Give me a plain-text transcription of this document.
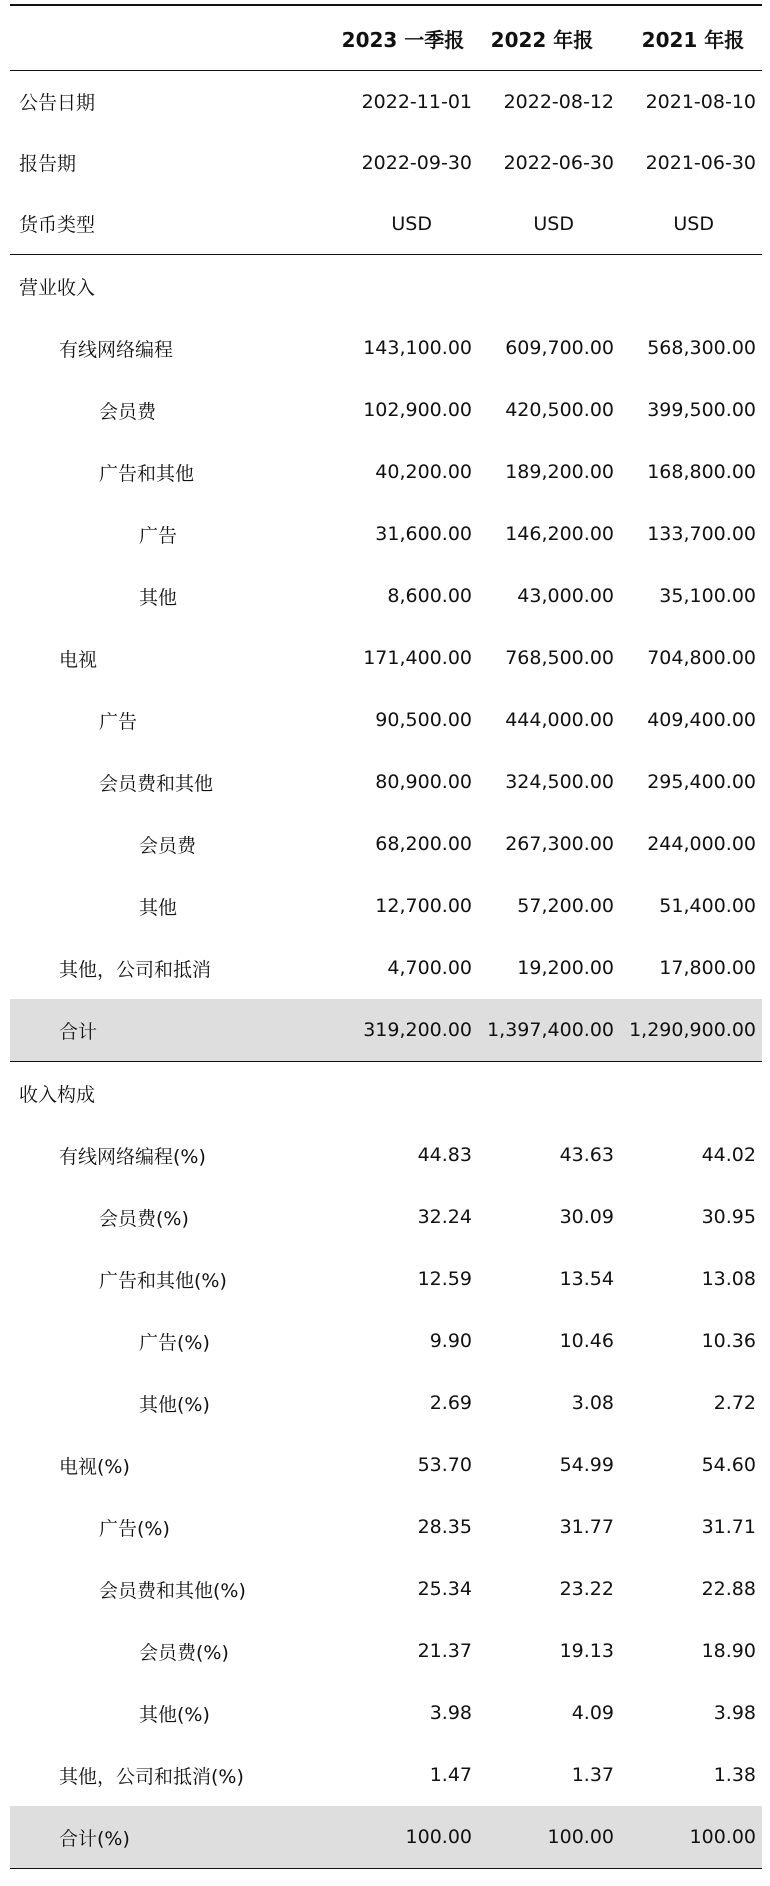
2023 一季报 2022 年报 2021 年报
公告日期	2022-11-01 2022-08-12 2021-08-10
报告期	2022-09-30 2022-06-30 2021-06-30
货币类型	USD	USD	USD
营业收入
有线网络编程	143,100.00 609,700.00 568,300.00
会员费	102,900.00 420,500.00 399,500.00
广告和其他	40,200.00 189,200.00 168,800.00
广告	31,600.00 146,200.00 133,700.00
其他	8,600.00 43,000.00 35,100.00
电视	171,400.00 768,500.00 704,800.00
广告	90,500.00 444,000.00 409,400.00
会员费和其他	80,900.00 324,500.00 295,400.00
会员费	68,200.00 267,300.00 244,000.00
其他	12,700.00 57,200.00 51,400.00
其他，公司和抵消	4,700.00 19,200.00 17,800.00
合计	319,200.00 1,397,400.00 1,290,900.00
收入构成
有线网络编程(%)	44.83	43.63	44.02
会员费(%)	32.24	30.09	30.95
广告和其他(%)	12.59	13.54	13.08
广告(%)	9.90	10.46	10.36
其他(%)	2.69	3.08	2.72
电视(%)	53.70	54.99	54.60
广告(%)	28.35	31.77	31.71
会员费和其他(%)	25.34	23.22	22.88
会员费(%)	21.37	19.13	18.90
其他(%)	3.98	4.09	3.98
其他，公司和抵消(%)	1.47	1.37	1.38
合计(%)	100.00	100.00	100.00
